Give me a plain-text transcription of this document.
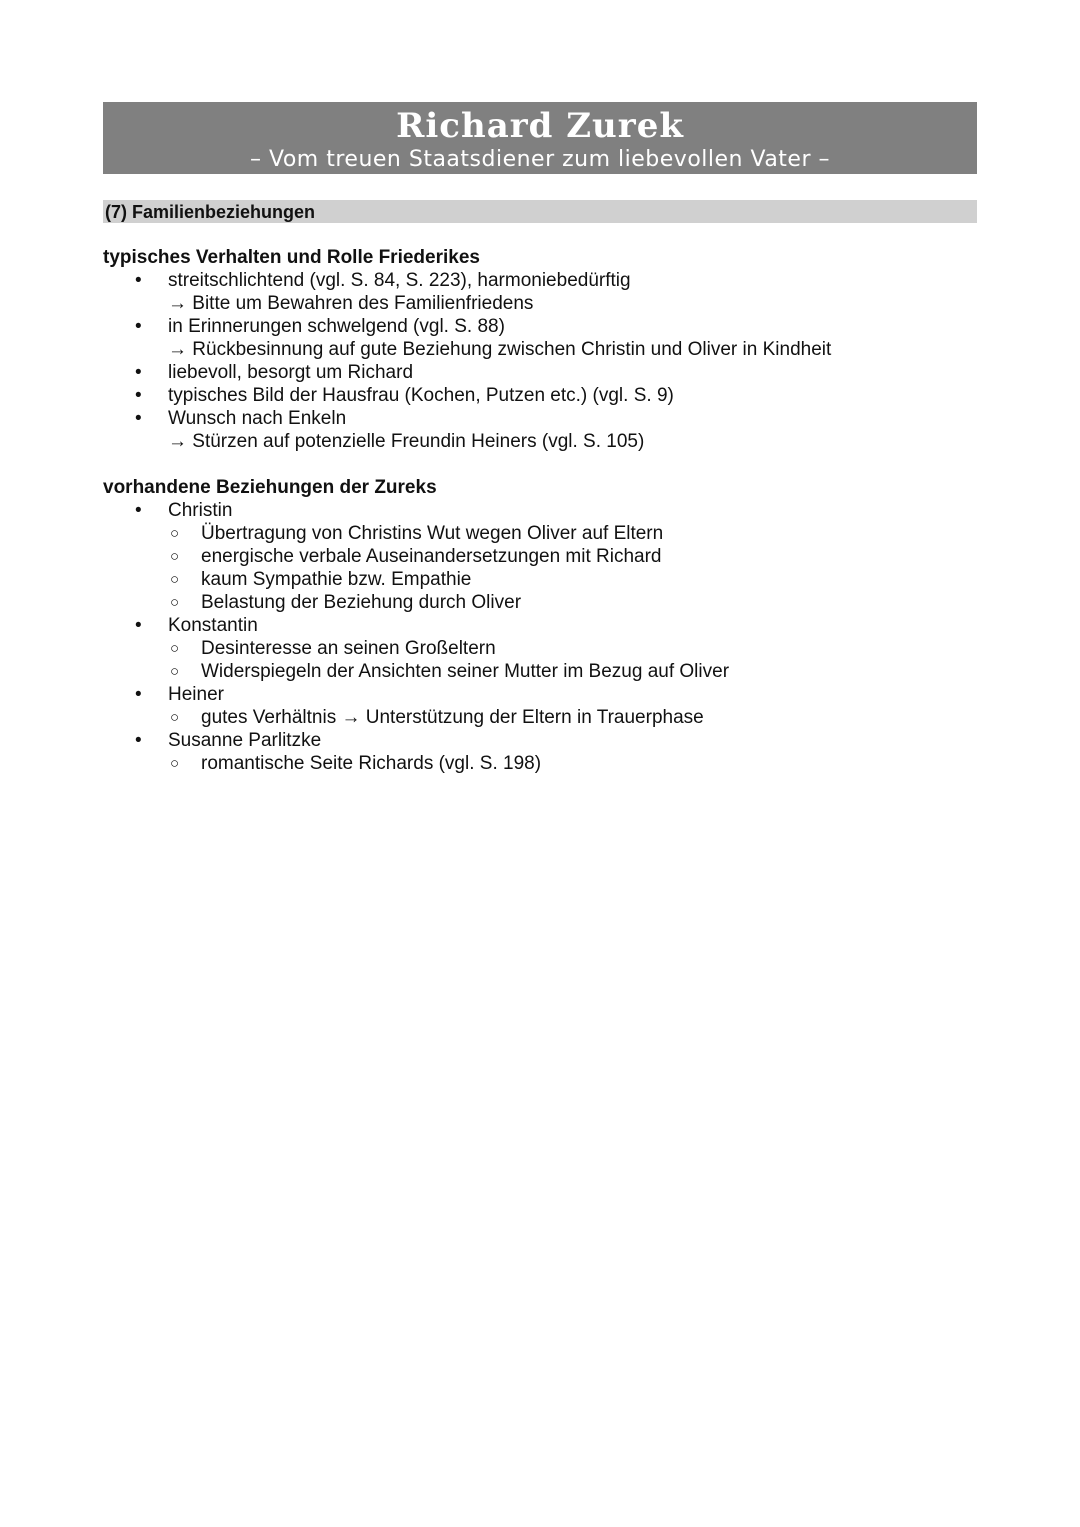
Richard Zurek
– Vom treuen Staatsdiener zum liebevollen Vater –
(7) Familienbeziehungen
typisches Verhalten und Rolle Friederikes
• streitschlichtend (vgl. S. 84, S. 223), harmoniebedürftig
→ Bitte um Bewahren des Familienfriedens
• in Erinnerungen schwelgend (vgl. S. 88)
→ Rückbesinnung auf gute Beziehung zwischen Christin und Oliver in Kindheit
• liebevoll, besorgt um Richard
• typisches Bild der Hausfrau (Kochen, Putzen etc.) (vgl. S. 9)
• Wunsch nach Enkeln
→ Stürzen auf potenzielle Freundin Heiners (vgl. S. 105)
vorhandene Beziehungen der Zureks
• Christin
○ Übertragung von Christins Wut wegen Oliver auf Eltern
○ energische verbale Auseinandersetzungen mit Richard
○ kaum Sympathie bzw. Empathie
○ Belastung der Beziehung durch Oliver
• Konstantin
○ Desinteresse an seinen Großeltern
○ Widerspiegeln der Ansichten seiner Mutter im Bezug auf Oliver
• Heiner
○ gutes Verhältnis → Unterstützung der Eltern in Trauerphase
• Susanne Parlitzke
○ romantische Seite Richards (vgl. S. 198)
